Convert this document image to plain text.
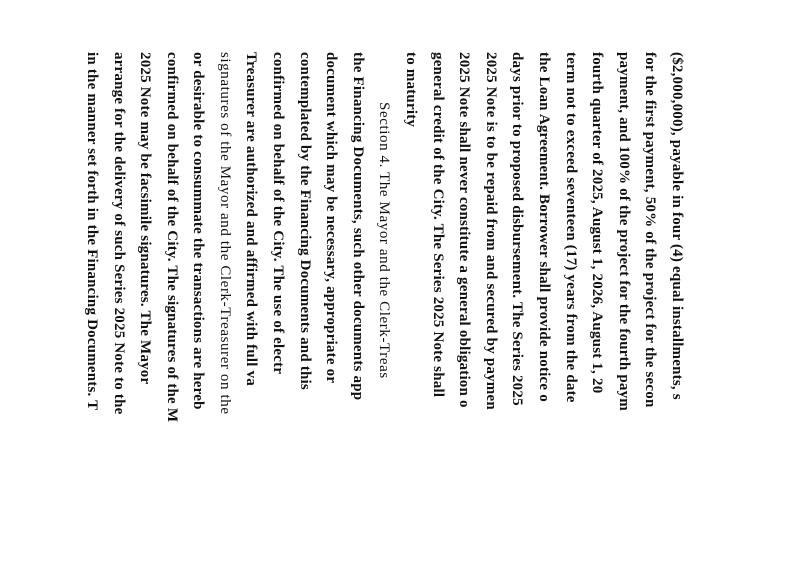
($2,000,000), payable in four (4) equal installments, s
for the first payment, 50% of the project for the secon
payment, and 100% of the project for the fourth paym
fourth quarter of 2025, August 1, 2026, August 1, 20
term not to exceed seventeen (17) years from the date
the Loan Agreement. Borrower shall provide notice o
days prior to proposed disbursement. The Series 2025
2025 Note is to be repaid from and secured by paymen
2025 Note shall never constitute a general obligation o
general credit of the City. The Series 2025 Note shall
to maturity
Section 4. The Mayor and the Clerk-Treas
the Financing Documents, such other documents app
document which may be necessary, appropriate or
contemplated by the Financing Documents and this
confirmed on behalf of the City. The use of electr
Treasurer are authorized and affirmed with full va
signatures of the Mayor and the Clerk-Treasurer on the
or desirable to consummate the transactions are hereb
confirmed on behalf of the City. The signatures of the M
2025 Note may be facsimile signatures. The Mayor
arrange for the delivery of such Series 2025 Note to the
in the manner set forth in the Financing Documents. T
